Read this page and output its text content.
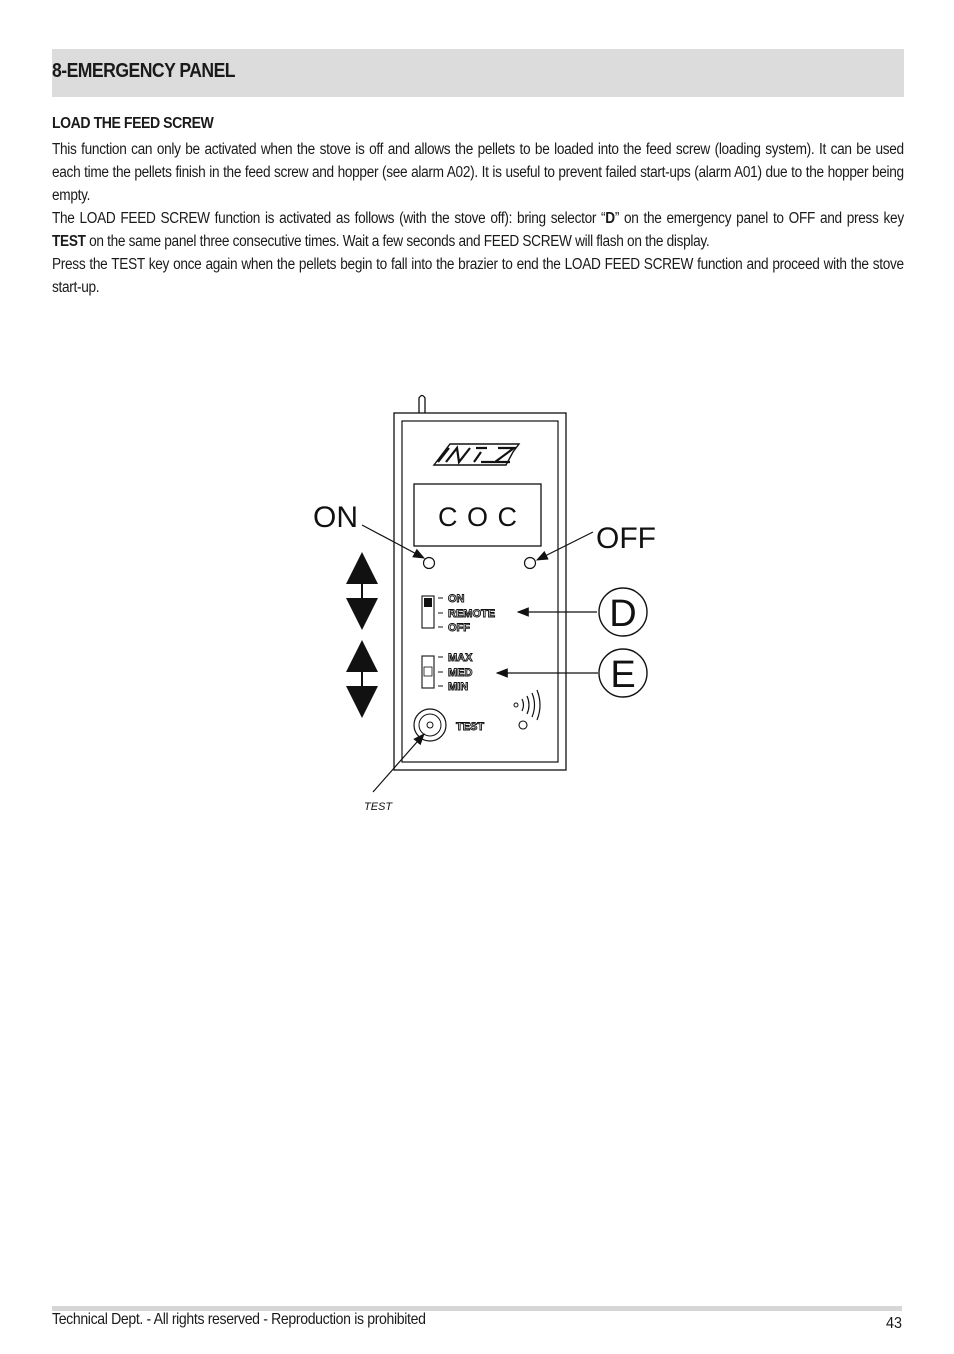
8-EMERGENCY PANEL
LOAD THE FEED SCREW

This function can only be activated when the stove is off and allows the pellets to be loaded into the feed screw (loading system). It can be used each time the pellets finish in the feed screw and hopper (see alarm A02). It is useful to prevent failed start-ups (alarm A01) due to the hopper being empty.

The LOAD FEED SCREW function is activated as follows (with the stove off): bring selector “D” on the emergency panel to OFF and press key TEST on the same panel three consecutive times. Wait a few seconds and FEED SCREW will flash on the display.

Press the TEST key once again when the pellets begin to fall into the brazier to end the LOAD FEED SCREW function and proceed with the stove start-up.

C O C
ON
OFF
ON
REMOTE
OFF	D
MAX
MED
MIN	E
TEST
TEST
Technical Dept. - All rights reserved - Reproduction is prohibited	43
